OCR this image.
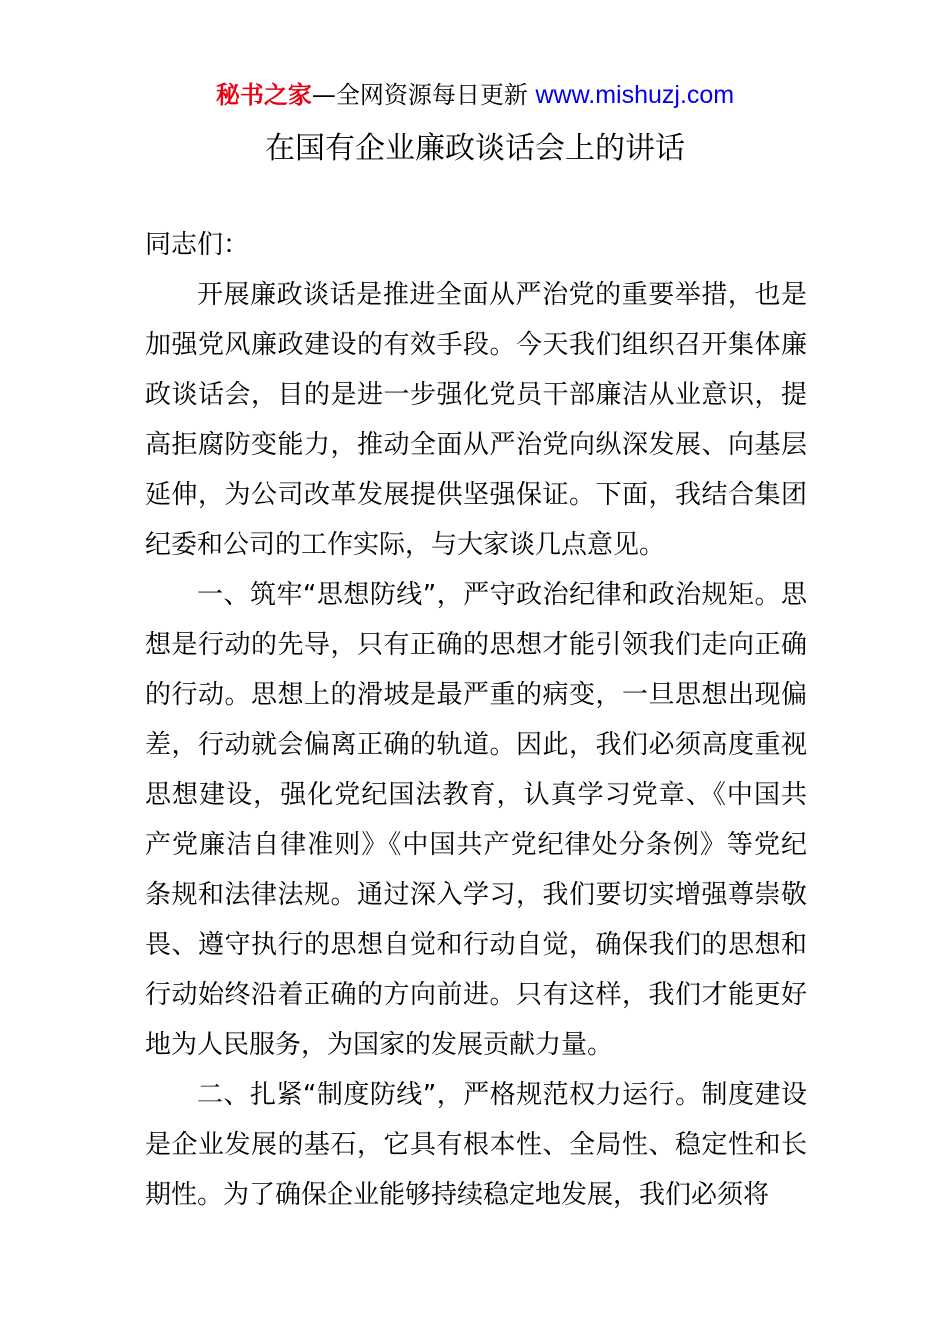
秘书之家—全网资源每日更新 www.mishuzj.com
在国有企业廉政谈话会上的讲话

同志们：

开展廉政谈话是推进全面从严治党的重要举措，也是加强党风廉政建设的有效手段。今天我们组织召开集体廉政谈话会，目的是进一步强化党员干部廉洁从业意识，提高拒腐防变能力，推动全面从严治党向纵深发展、向基层延伸，为公司改革发展提供坚强保证。下面，我结合集团纪委和公司的工作实际，与大家谈几点意见。

一、筑牢“思想防线”，严守政治纪律和政治规矩。思想是行动的先导，只有正确的思想才能引领我们走向正确的行动。思想上的滑坡是最严重的病变，一旦思想出现偏差，行动就会偏离正确的轨道。因此，我们必须高度重视思想建设，强化党纪国法教育，认真学习党章、《中国共产党廉洁自律准则》《中国共产党纪律处分条例》等党纪条规和法律法规。通过深入学习，我们要切实增强尊崇敬畏、遵守执行的思想自觉和行动自觉，确保我们的思想和行动始终沿着正确的方向前进。只有这样，我们才能更好地为人民服务，为国家的发展贡献力量。

二、扎紧“制度防线”，严格规范权力运行。制度建设是企业发展的基石，它具有根本性、全局性、稳定性和长期性。为了确保企业能够持续稳定地发展，我们必须将
